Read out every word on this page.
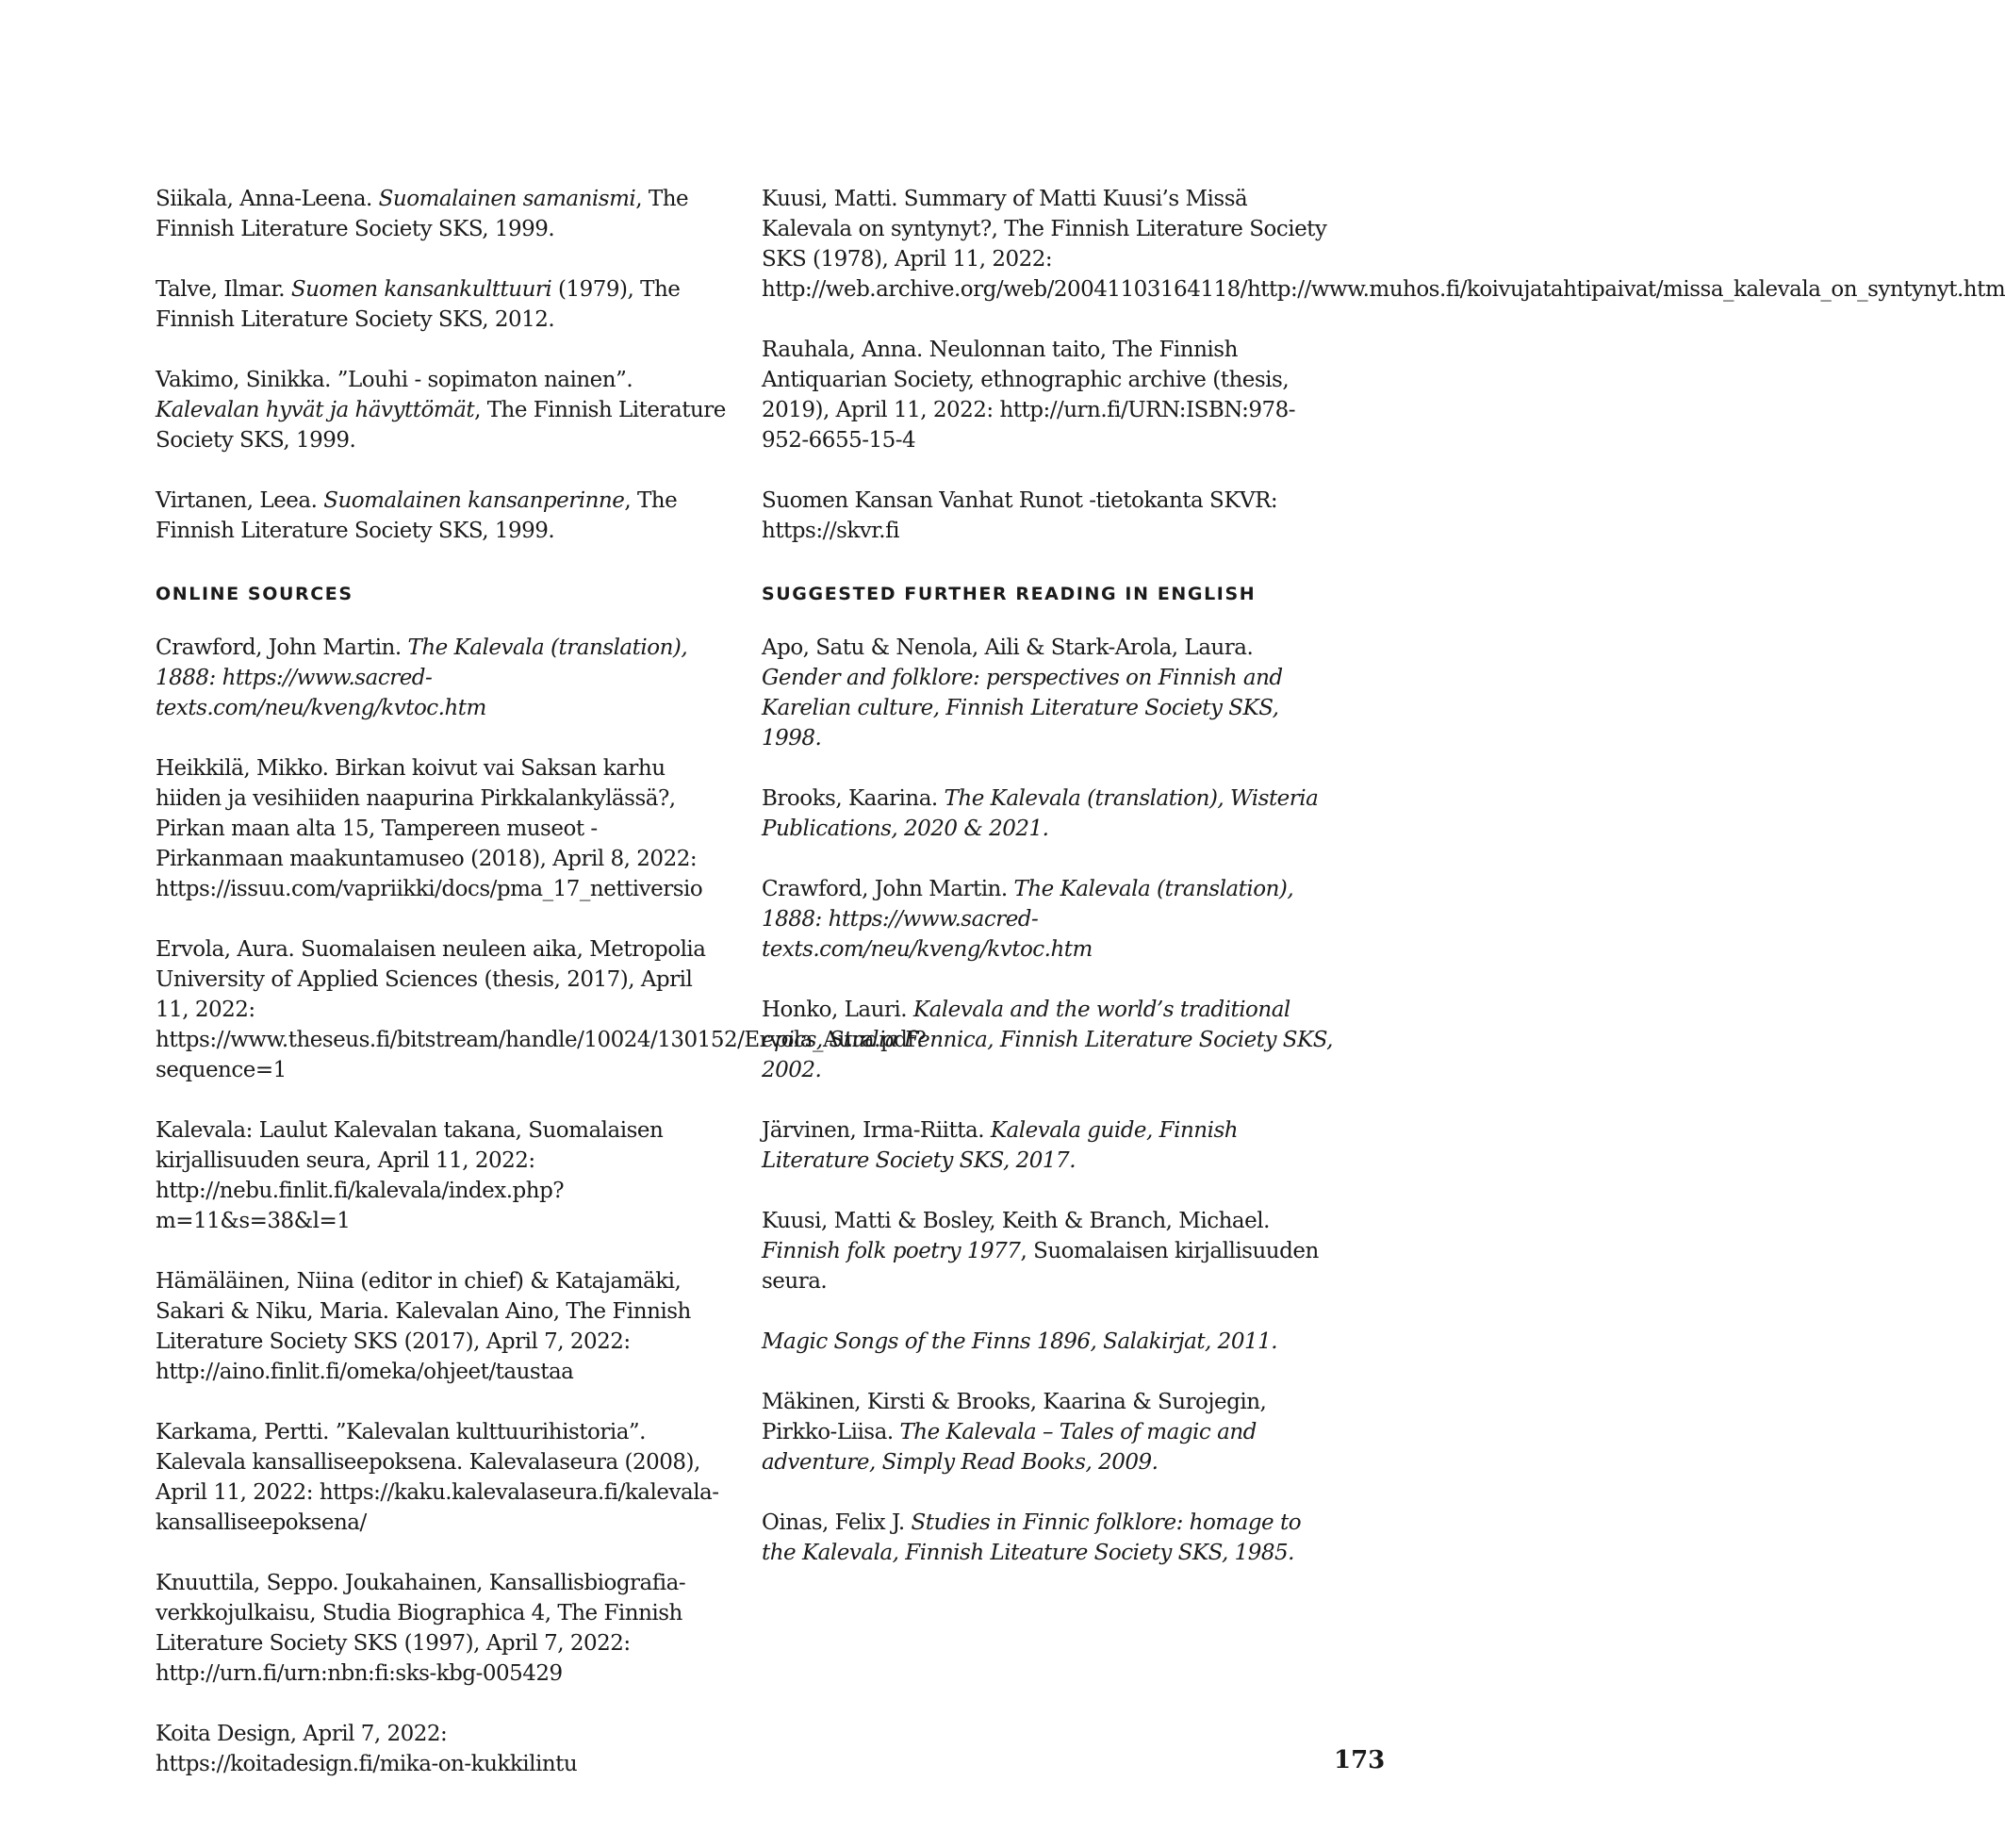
Siikala, Anna-Leena. Suomalainen samanismi, The Finnish Literature Society SKS, 1999.

Talve, Ilmar. Suomen kansankulttuuri (1979), The Finnish Literature Society SKS, 2012.

Vakimo, Sinikka. ”Louhi - sopimaton nainen”. Kalevalan hyvät ja hävyttömät, The Finnish Literature Society SKS, 1999.

Virtanen, Leea. Suomalainen kansanperinne, The Finnish Literature Society SKS, 1999.

ONLINE SOURCES

Crawford, John Martin. The Kalevala (translation), 1888: https://www.sacred-texts.com/neu/kveng/kvtoc.htm

Heikkilä, Mikko. Birkan koivut vai Saksan karhu hiiden ja vesihiiden naapurina Pirkkalankylässä?, Pirkan maan alta 15, Tampereen museot - Pirkanmaan maakuntamuseo (2018), April 8, 2022: https://issuu.com/vapriikki/docs/pma_17_nettiversio

Ervola, Aura. Suomalaisen neuleen aika, Metropolia University of Applied Sciences (thesis, 2017), April 11, 2022: https://www.theseus.fi/bitstream/handle/10024/130152/Ervola_Aura.pdf?sequence=1

Kalevala: Laulut Kalevalan takana, Suomalaisen kirjallisuuden seura, April 11, 2022: http://nebu.finlit.fi/kalevala/index.php?m=11&s=38&l=1

Hämäläinen, Niina (editor in chief) & Katajamäki, Sakari & Niku, Maria. Kalevalan Aino, The Finnish Literature Society SKS (2017), April 7, 2022: http://aino.finlit.fi/omeka/ohjeet/taustaa

Karkama, Pertti. ”Kalevalan kulttuurihistoria”. Kalevala kansalliseepoksena. Kalevalaseura (2008), April 11, 2022: https://kaku.kalevalaseura.fi/kalevala-kansalliseepoksena/

Knuuttila, Seppo. Joukahainen, Kansallisbiografia-verkkojulkaisu, Studia Biographica 4, The Finnish Literature Society SKS (1997), April 7, 2022: http://urn.fi/urn:nbn:fi:sks-kbg-005429

Koita Design, April 7, 2022: https://koitadesign.fi/mika-on-kukkilintu

Kuusi, Matti. Summary of Matti Kuusi’s Missä Kalevala on syntynyt?, The Finnish Literature Society SKS (1978), April 11, 2022: http://web.archive.org/web/20041103164118/http://www.muhos.fi/koivujatahtipaivat/missa_kalevala_on_syntynyt.htm

Rauhala, Anna. Neulonnan taito, The Finnish Antiquarian Society, ethnographic archive (thesis, 2019), April 11, 2022: http://urn.fi/URN:ISBN:978-952-6655-15-4

Suomen Kansan Vanhat Runot -tietokanta SKVR: https://skvr.fi

SUGGESTED FURTHER READING IN ENGLISH

Apo, Satu & Nenola, Aili & Stark-Arola, Laura. Gender and folklore: perspectives on Finnish and Karelian culture, Finnish Literature Society SKS, 1998.

Brooks, Kaarina. The Kalevala (translation), Wisteria Publications, 2020 & 2021.

Crawford, John Martin. The Kalevala (translation), 1888: https://www.sacred-texts.com/neu/kveng/kvtoc.htm

Honko, Lauri. Kalevala and the world’s traditional epics, Studia Fennica, Finnish Literature Society SKS, 2002.

Järvinen, Irma-Riitta. Kalevala guide, Finnish Literature Society SKS, 2017.

Kuusi, Matti & Bosley, Keith & Branch, Michael. Finnish folk poetry 1977, Suomalaisen kirjallisuuden seura.

Magic Songs of the Finns 1896, Salakirjat, 2011.

Mäkinen, Kirsti & Brooks, Kaarina & Surojegin, Pirkko-Liisa. The Kalevala – Tales of magic and adventure, Simply Read Books, 2009.

Oinas, Felix J. Studies in Finnic folklore: homage to the Kalevala, Finnish Liteature Society SKS, 1985.

173
